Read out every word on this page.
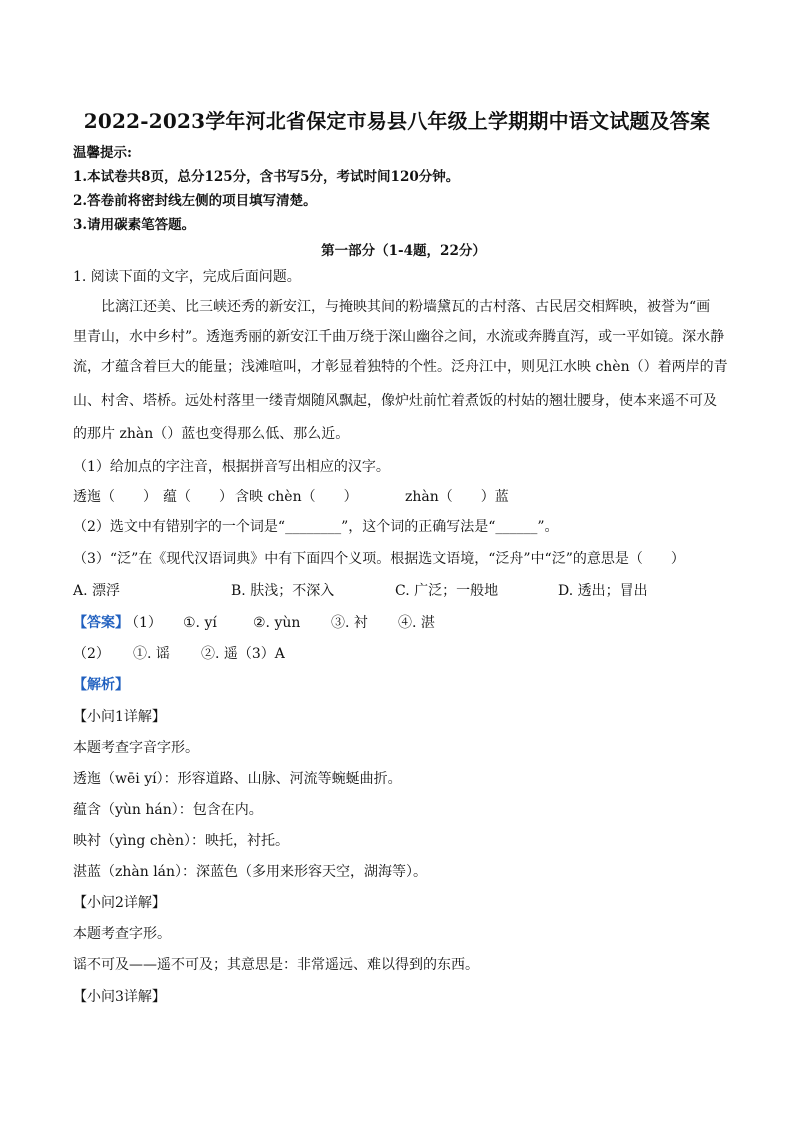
2022-2023学年河北省保定市易县八年级上学期期中语文试题及答案
温馨提示:
1.本试卷共8页，总分125分，含书写5分，考试时间120分钟。
2.答卷前将密封线左侧的项目填写清楚。
3.请用碳素笔答题。
第一部分（1-4题，22分）
1. 阅读下面的文字，完成后面问题。
比漓江还美、比三峡还秀的新安江，与掩映其间的粉墙黛瓦的古村落、古民居交相辉映，被誉为“画
里青山，水中乡村”。透迤秀丽的新安江千曲万绕于深山幽谷之间，水流或奔腾直泻，或一平如镜。深水静
流，才蕴含着巨大的能量；浅滩喧叫，才彰显着独特的个性。泛舟江中，则见江水映 chèn（）着两岸的青
山、村舍、塔桥。远处村落里一缕青烟随风飘起，像炉灶前忙着煮饭的村姑的翘壮腰身，使本来遥不可及
的那片 zhàn（）蓝也变得那么低、那么近。
（1）给加点的字注音，根据拼音写出相应的汉字。
透迤（　　） 蕴（　　） 含映 chèn（　　）	zhàn（　　）蓝
（2）选文中有错别字的一个词是“________”，这个词的正确写法是“______”。
（3）“泛”在《现代汉语词典》中有下面四个义项。根据选文语境，“泛舟”中“泛”的意思是（　　）
A. 漂浮	B. 肤浅；不深入	C. 广泛；一般地	D. 透出；冒出
【答案】
（1） ①. yí	②. yùn ③. 衬 ④. 湛
（2） ①. 谣 ②. 遥（3）A
【解析】
【小问1详解】
本题考查字音字形。
透迤（wēi yí）：形容道路、山脉、河流等蜿蜒曲折。
蕴含（yùn hán）：包含在内。
映衬（yìng chèn）：映托，衬托。
湛蓝（zhàn lán）：深蓝色（多用来形容天空，湖海等）。
【小问2详解】
本题考查字形。
谣不可及——遥不可及；其意思是：非常遥远、难以得到的东西。
【小问3详解】
